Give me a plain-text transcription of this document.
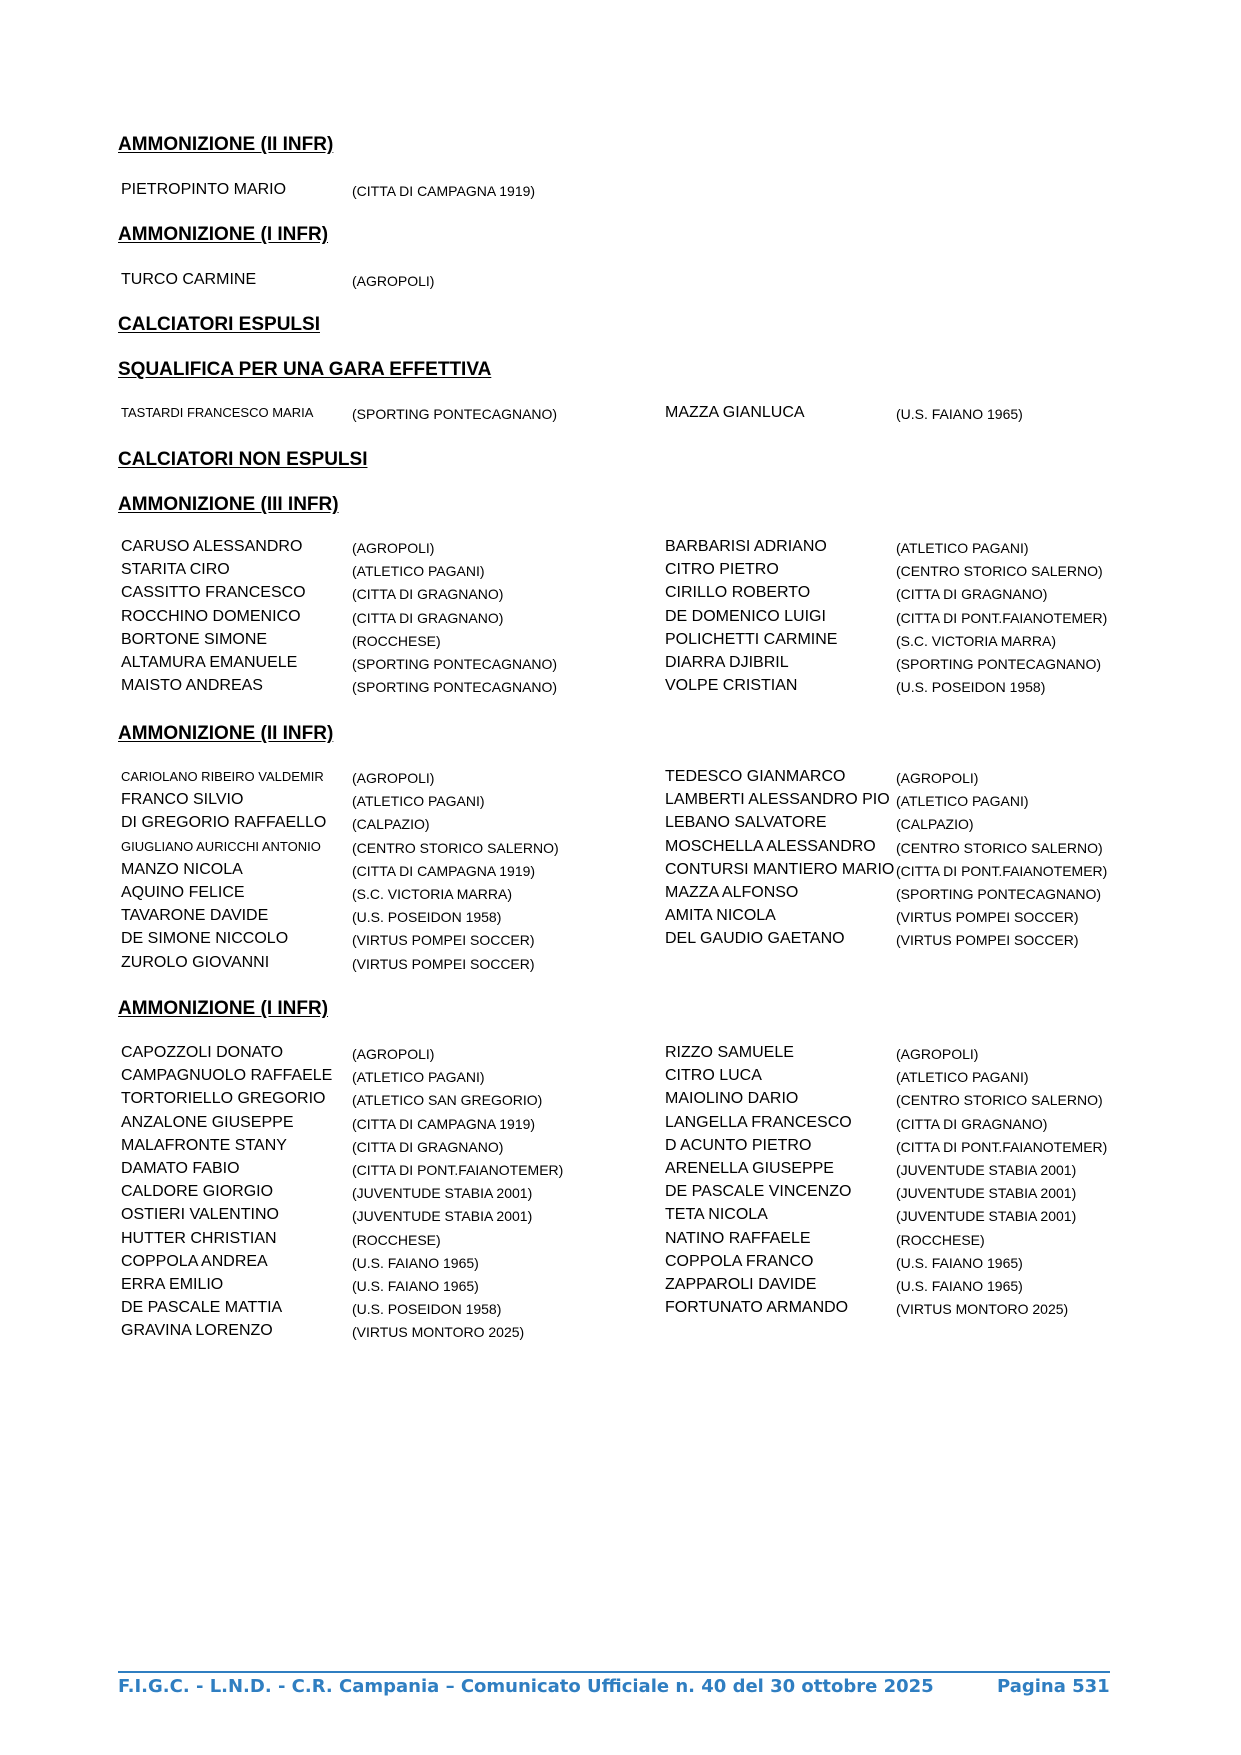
AMMONIZIONE (II INFR)
PIETROPINTO MARIO	(CITTA DI CAMPAGNA 1919)
AMMONIZIONE (I INFR)
TURCO CARMINE	(AGROPOLI)
CALCIATORI ESPULSI
SQUALIFICA PER UNA GARA EFFETTIVA
TASTARDI FRANCESCO MARIA	(SPORTING PONTECAGNANO)	MAZZA GIANLUCA	(U.S. FAIANO 1965)
CALCIATORI NON ESPULSI
AMMONIZIONE (III INFR)
CARUSO ALESSANDRO	(AGROPOLI)
STARITA CIRO	(ATLETICO PAGANI)
CASSITTO FRANCESCO	(CITTA DI GRAGNANO)
ROCCHINO DOMENICO	(CITTA DI GRAGNANO)
BORTONE SIMONE	(ROCCHESE)
ALTAMURA EMANUELE	(SPORTING PONTECAGNANO)
MAISTO ANDREAS	(SPORTING PONTECAGNANO)
BARBARISI ADRIANO	(ATLETICO PAGANI)
CITRO PIETRO	(CENTRO STORICO SALERNO)
CIRILLO ROBERTO	(CITTA DI GRAGNANO)
DE DOMENICO LUIGI	(CITTA DI PONT.FAIANOTEMER)
POLICHETTI CARMINE	(S.C. VICTORIA MARRA)
DIARRA DJIBRIL	(SPORTING PONTECAGNANO)
VOLPE CRISTIAN	(U.S. POSEIDON 1958)
AMMONIZIONE (II INFR)
CARIOLANO RIBEIRO VALDEMIR (AGROPOLI)
FRANCO SILVIO	(ATLETICO PAGANI)
DI GREGORIO RAFFAELLO (CALPAZIO)
GIUGLIANO AURICCHI ANTONIO (CENTRO STORICO SALERNO)
MANZO NICOLA	(CITTA DI CAMPAGNA 1919)
AQUINO FELICE	(S.C. VICTORIA MARRA)
TAVARONE DAVIDE	(U.S. POSEIDON 1958)
DE SIMONE NICCOLO	(VIRTUS POMPEI SOCCER)
ZUROLO GIOVANNI	(VIRTUS POMPEI SOCCER)
TEDESCO GIANMARCO	(AGROPOLI)
LAMBERTI ALESSANDRO PIO (ATLETICO PAGANI)
LEBANO SALVATORE	(CALPAZIO)
MOSCHELLA ALESSANDRO (CENTRO STORICO SALERNO)
CONTURSI MANTIERO MARIO (CITTA DI PONT.FAIANOTEMER)
MAZZA ALFONSO	(SPORTING PONTECAGNANO)
AMITA NICOLA	(VIRTUS POMPEI SOCCER)
DEL GAUDIO GAETANO	(VIRTUS POMPEI SOCCER)
AMMONIZIONE (I INFR)
CAPOZZOLI DONATO	(AGROPOLI)
CAMPAGNUOLO RAFFAELE (ATLETICO PAGANI)
TORTORIELLO GREGORIO (ATLETICO SAN GREGORIO)
ANZALONE GIUSEPPE	(CITTA DI CAMPAGNA 1919)
MALAFRONTE STANY	(CITTA DI GRAGNANO)
DAMATO FABIO	(CITTA DI PONT.FAIANOTEMER)
CALDORE GIORGIO	(JUVENTUDE STABIA 2001)
OSTIERI VALENTINO	(JUVENTUDE STABIA 2001)
HUTTER CHRISTIAN	(ROCCHESE)
COPPOLA ANDREA	(U.S. FAIANO 1965)
ERRA EMILIO	(U.S. FAIANO 1965)
DE PASCALE MATTIA	(U.S. POSEIDON 1958)
GRAVINA LORENZO	(VIRTUS MONTORO 2025)
RIZZO SAMUELE	(AGROPOLI)
CITRO LUCA	(ATLETICO PAGANI)
MAIOLINO DARIO	(CENTRO STORICO SALERNO)
LANGELLA FRANCESCO	(CITTA DI GRAGNANO)
D ACUNTO PIETRO	(CITTA DI PONT.FAIANOTEMER)
ARENELLA GIUSEPPE	(JUVENTUDE STABIA 2001)
DE PASCALE VINCENZO	(JUVENTUDE STABIA 2001)
TETA NICOLA	(JUVENTUDE STABIA 2001)
NATINO RAFFAELE	(ROCCHESE)
COPPOLA FRANCO	(U.S. FAIANO 1965)
ZAPPAROLI DAVIDE	(U.S. FAIANO 1965)
FORTUNATO ARMANDO	(VIRTUS MONTORO 2025)
F.I.G.C. - L.N.D. - C.R. Campania – Comunicato Ufficiale n. 40 del 30 ottobre 2025	Pagina 531
